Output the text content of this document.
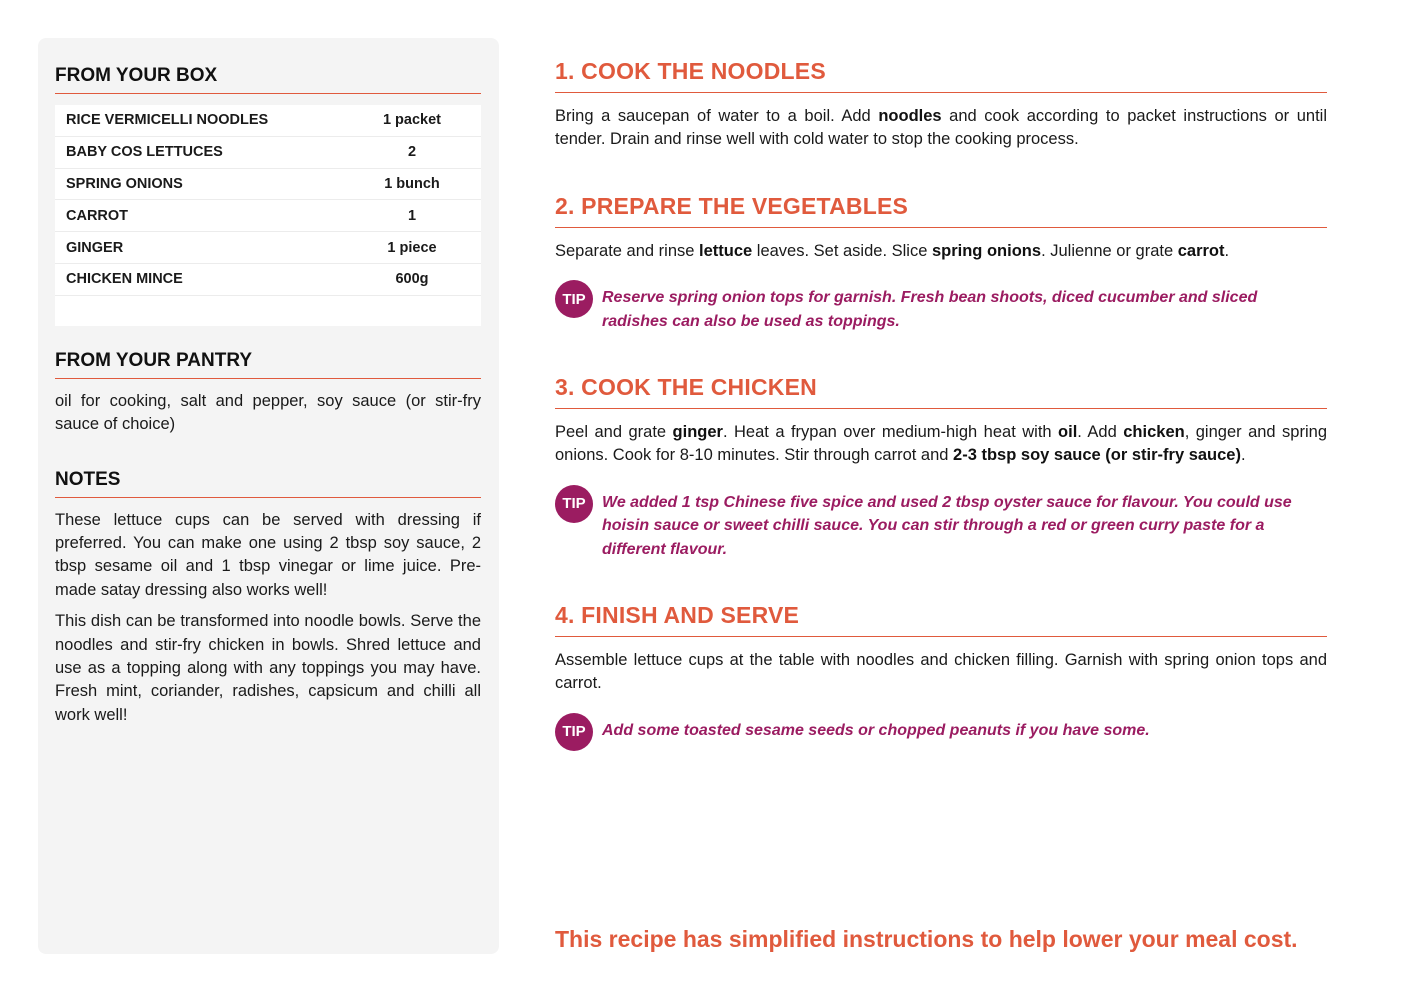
FROM YOUR BOX
RICE VERMICELLI NOODLES	1 packet
BABY COS LETTUCES	2
SPRING ONIONS	1 bunch
CARROT	1
GINGER	1 piece
CHICKEN MINCE	600g
FROM YOUR PANTRY

oil for cooking, salt and pepper, soy sauce (or stir-fry sauce of choice)

NOTES

These lettuce cups can be served with dressing if preferred. You can make one using 2 tbsp soy sauce, 2 tbsp sesame oil and 1 tbsp vinegar or lime juice. Pre-made satay dressing also works well!

This dish can be transformed into noodle bowls. Serve the noodles and stir-fry chicken in bowls. Shred lettuce and use as a topping along with any toppings you may have. Fresh mint, coriander, radishes, capsicum and chilli all work well!

1. COOK THE NOODLES

Bring a saucepan of water to a boil. Add noodles and cook according to packet instructions or until tender. Drain and rinse well with cold water to stop the cooking process.

2. PREPARE THE VEGETABLES

Separate and rinse lettuce leaves. Set aside. Slice spring onions. Julienne or grate carrot.

TIP	Reserve spring onion tops for garnish. Fresh bean shoots, diced cucumber and sliced radishes can also be used as toppings.
3. COOK THE CHICKEN

Peel and grate ginger. Heat a frypan over medium-high heat with oil. Add chicken, ginger and spring onions. Cook for 8-10 minutes. Stir through carrot and 2-3 tbsp soy sauce (or stir-fry sauce).

TIP	We added 1 tsp Chinese five spice and used 2 tbsp oyster sauce for flavour. You could use hoisin sauce or sweet chilli sauce. You can stir through a red or green curry paste for a different flavour.
4. FINISH AND SERVE

Assemble lettuce cups at the table with noodles and chicken filling. Garnish with spring onion tops and carrot.

TIP	Add some toasted sesame seeds or chopped peanuts if you have some.
This recipe has simplified instructions to help lower your meal cost.
